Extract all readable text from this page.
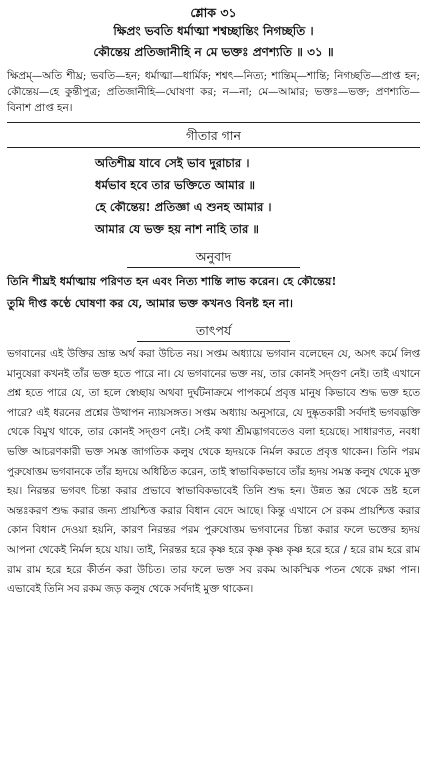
শ্লোক ৩১
ক্ষিপ্রং ভবতি ধর্মাত্মা শশ্বচ্ছান্তিং নিগচ্ছতি ।
কৌন্তেয় প্রতিজানীহি ন মে ভক্তঃ প্রণশ্যতি ॥ ৩১ ॥
ক্ষিপ্রম্—অতি শীঘ্র; ভবতি—হন; ধর্মাত্মা—ধার্মিক; শশ্বৎ—নিত্য; শান্তিম্—শান্তি; নিগচ্ছতি—প্রাপ্ত হন; কৌন্তেয়—হে কুন্তীপুত্র; প্রতিজানীহি—ঘোষণা কর; ন—না; মে—আমার; ভক্তঃ—ভক্ত; প্রণশ্যতি—বিনাশ প্রাপ্ত হন।
গীতার গান
অতিশীঘ্র যাবে সেই ভাব দুরাচার ।
ধর্মভাব হবে তার ভক্তিতে আমার ॥
হে কৌন্তেয়! প্রতিজ্ঞা এ শুনহ আমার ।
আমার যে ভক্ত হয় নাশ নাহি তার ॥
অনুবাদ
তিনি শীঘ্রই ধর্মাত্মায় পরিণত হন এবং নিত্য শান্তি লাভ করেন। হে কৌন্তেয়!
তুমি দীপ্ত কণ্ঠে ঘোষণা কর যে, আমার ভক্ত কখনও বিনষ্ট হন না।
তাৎপর্য

ভগবানের এই উক্তির ভ্রান্ত অর্থ করা উচিত নয়। সপ্তম অধ্যায়ে ভগবান বলেছেন যে, অসৎ কর্মে লিপ্ত মানুষেরা কখনই তাঁর ভক্ত হতে পারে না। যে ভগবানের ভক্ত নয়, তার কোনই সদ্গুণ নেই। তাই এখানে প্রশ্ন হতে পারে যে, তা হলে স্বেচ্ছায় অথবা দুর্ঘটনাক্রমে পাপকর্মে প্রবৃত্ত মানুষ কিভাবে শুদ্ধ ভক্ত হতে পারে? এই ধরনের প্রশ্নের উত্থাপন ন্যায়সঙ্গত। সপ্তম অধ্যায় অনুসারে, যে দুষ্কৃতকারী সর্বদাই ভগবদ্ভক্তি থেকে বিমুখ থাকে, তার কোনই সদ্গুণ নেই। সেই কথা শ্রীমদ্ভাগবতেও বলা হয়েছে। সাধারণত, নবধা ভক্তি আচরণকারী ভক্ত সমস্ত জাগতিক কলুষ থেকে হৃদয়কে নির্মল করতে প্রবৃত্ত থাকেন। তিনি পরম পুরুষোত্তম ভগবানকে তাঁর হৃদয়ে অধিষ্ঠিত করেন, তাই স্বাভাবিকভাবে তাঁর হৃদয় সমস্ত কলুষ থেকে মুক্ত হয়। নিরন্তর ভগবৎ চিন্তা করার প্রভাবে স্বাভাবিকভাবেই তিনি শুদ্ধ হন। উন্নত স্তর থেকে ভ্রষ্ট হলে অন্তঃকরণ শুদ্ধ করার জন্য প্রায়শ্চিত্ত করার বিধান বেদে আছে। কিন্তু এখানে সে রকম প্রায়শ্চিত্ত করার কোন বিধান দেওয়া হয়নি, কারণ নিরন্তর পরম পুরুষোত্তম ভগবানের চিন্তা করার ফলে ভক্তের হৃদয় আপনা থেকেই নির্মল হয়ে যায়। তাই, নিরন্তর হরে কৃষ্ণ হরে কৃষ্ণ কৃষ্ণ কৃষ্ণ হরে হরে / হরে রাম হরে রাম রাম রাম হরে হরে কীর্তন করা উচিত। তার ফলে ভক্ত সব রকম আকস্মিক পতন থেকে রক্ষা পান। এভাবেই তিনি সব রকম জড় কলুষ থেকে সর্বদাই মুক্ত থাকেন।
